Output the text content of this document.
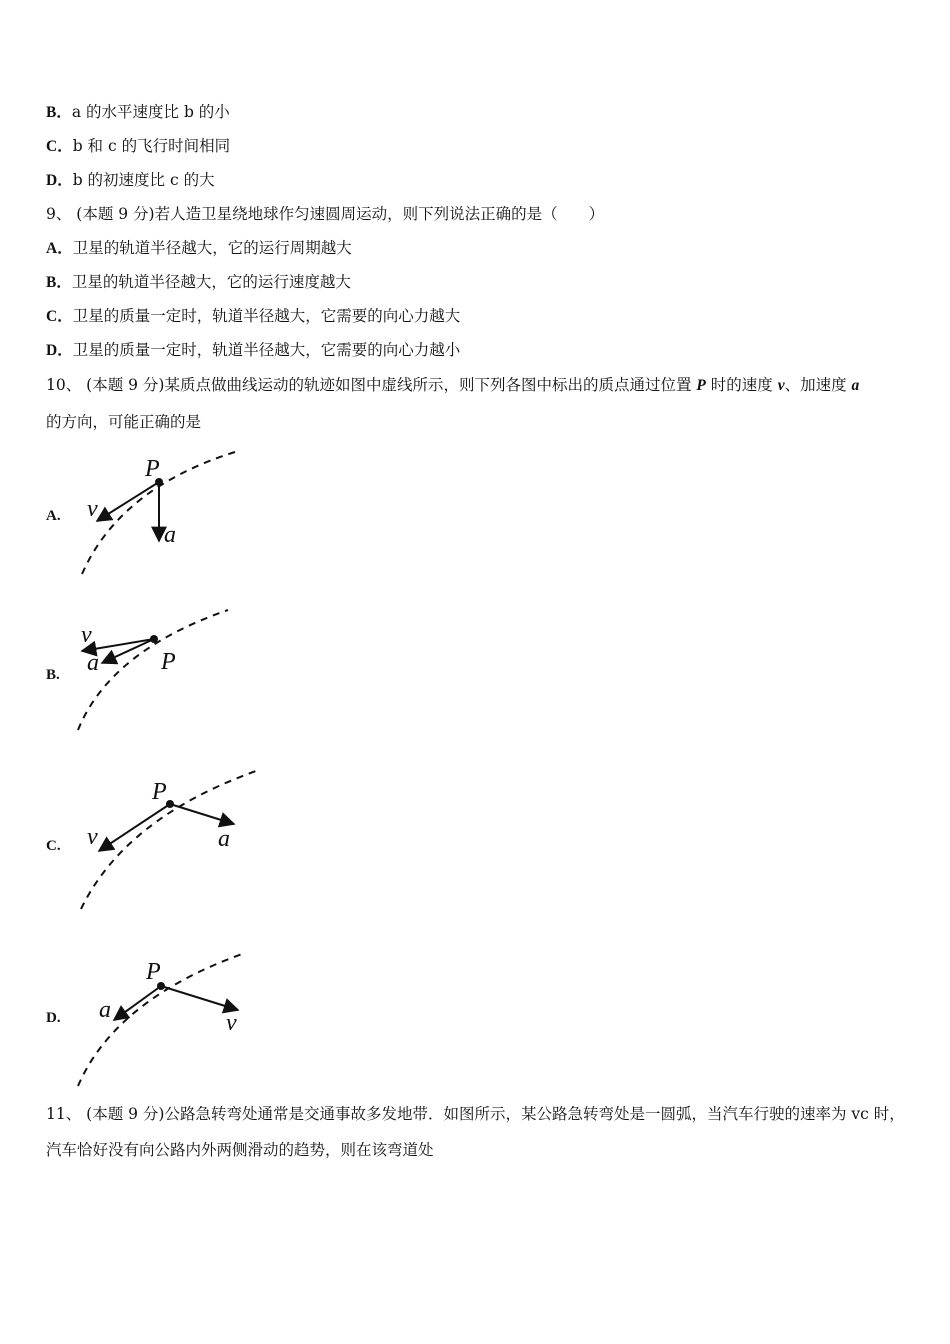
B．a 的水平速度比 b 的小
C．b 和 c 的飞行时间相同
D．b 的初速度比 c 的大
9、 (本题 9 分)若人造卫星绕地球作匀速圆周运动，则下列说法正确的是（　　）
A．卫星的轨道半径越大，它的运行周期越大
B．卫星的轨道半径越大，它的运行速度越大
C．卫星的质量一定时，轨道半径越大，它需要的向心力越大
D．卫星的质量一定时，轨道半径越大，它需要的向心力越小
10、 (本题 9 分)某质点做曲线运动的轨迹如图中虚线所示，则下列各图中标出的质点通过位置 P 时的速度 v、加速度 a
的方向，可能正确的是
A.
P
v
a
B.	P
v
a
C.
P
v	a
D.
P
a	v
11、 (本题 9 分)公路急转弯处通常是交通事故多发地带．如图所示，某公路急转弯处是一圆弧，当汽车行驶的速率为 vc 时，汽车恰好没有向公路内外两侧滑动的趋势，则在该弯道处
